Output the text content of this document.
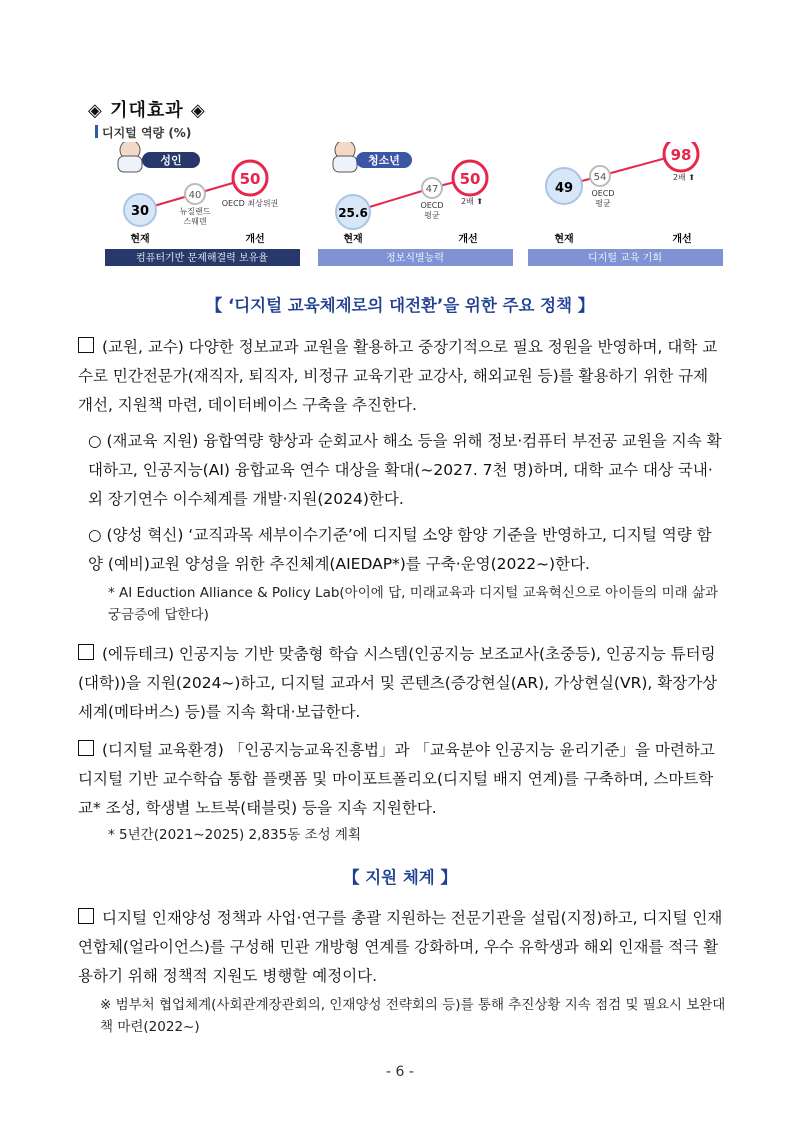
◈ 기대효과 ◈
디지털 역량 (%)
성인
30
40
뉴질랜드
스웨덴
50
OECD 최상위권
현재	개선
컴퓨터기반 문제해결력 보유율
청소년
25.6
47
OECD
평균
50
2배 ⬆
현재	개선
정보식별능력
49
54
OECD
평균
98
2배 ⬆
현재	개선
디지털 교육 기회
【 ‘디지털 교육체제로의 대전환’을 위한 주요 정책 】
(교원, 교수) 다양한 정보교과 교원을 활용하고 중장기적으로 필요 정원을 반영하며, 대학 교수로 민간전문가(재직자, 퇴직자, 비정규 교육기관 교강사, 해외교원 등)를 활용하기 위한 규제 개선, 지원책 마련, 데이터베이스 구축을 추진한다.
○ (재교육 지원) 융합역량 향상과 순회교사 해소 등을 위해 정보·컴퓨터 부전공 교원을 지속 확대하고, 인공지능(AI) 융합교육 연수 대상을 확대(~2027. 7천 명)하며, 대학 교수 대상 국내·외 장기연수 이수체계를 개발·지원(2024)한다.
○ (양성 혁신) ‘교직과목 세부이수기준’에 디지털 소양 함양 기준을 반영하고, 디지털 역량 함양 (예비)교원 양성을 위한 추진체계(AIEDAP*)를 구축·운영(2022~)한다.
* AI Eduction Alliance & Policy Lab(아이에 답, 미래교육과 디지털 교육혁신으로 아이들의 미래 삶과 궁금증에 답한다)
(에듀테크) 인공지능 기반 맞춤형 학습 시스템(인공지능 보조교사(초중등), 인공지능 튜터링(대학))을 지원(2024~)하고, 디지털 교과서 및 콘텐츠(증강현실(AR), 가상현실(VR), 확장가상세계(메타버스) 등)를 지속 확대·보급한다.
(디지털 교육환경) 「인공지능교육진흥법」과 「교육분야 인공지능 윤리기준」을 마련하고 디지털 기반 교수학습 통합 플랫폼 및 마이포트폴리오(디지털 배지 연계)를 구축하며, 스마트학교* 조성, 학생별 노트북(태블릿) 등을 지속 지원한다.
* 5년간(2021∼2025) 2,835동 조성 계획
【 지원 체계 】
디지털 인재양성 정책과 사업·연구를 총괄 지원하는 전문기관을 설립(지정)하고, 디지털 인재 연합체(얼라이언스)를 구성해 민관 개방형 연계를 강화하며, 우수 유학생과 해외 인재를 적극 활용하기 위해 정책적 지원도 병행할 예정이다.
※ 범부처 협업체계(사회관계장관회의, 인재양성 전략회의 등)를 통해 추진상황 지속 점검 및 필요시 보완대책 마련(2022~)
- 6 -
